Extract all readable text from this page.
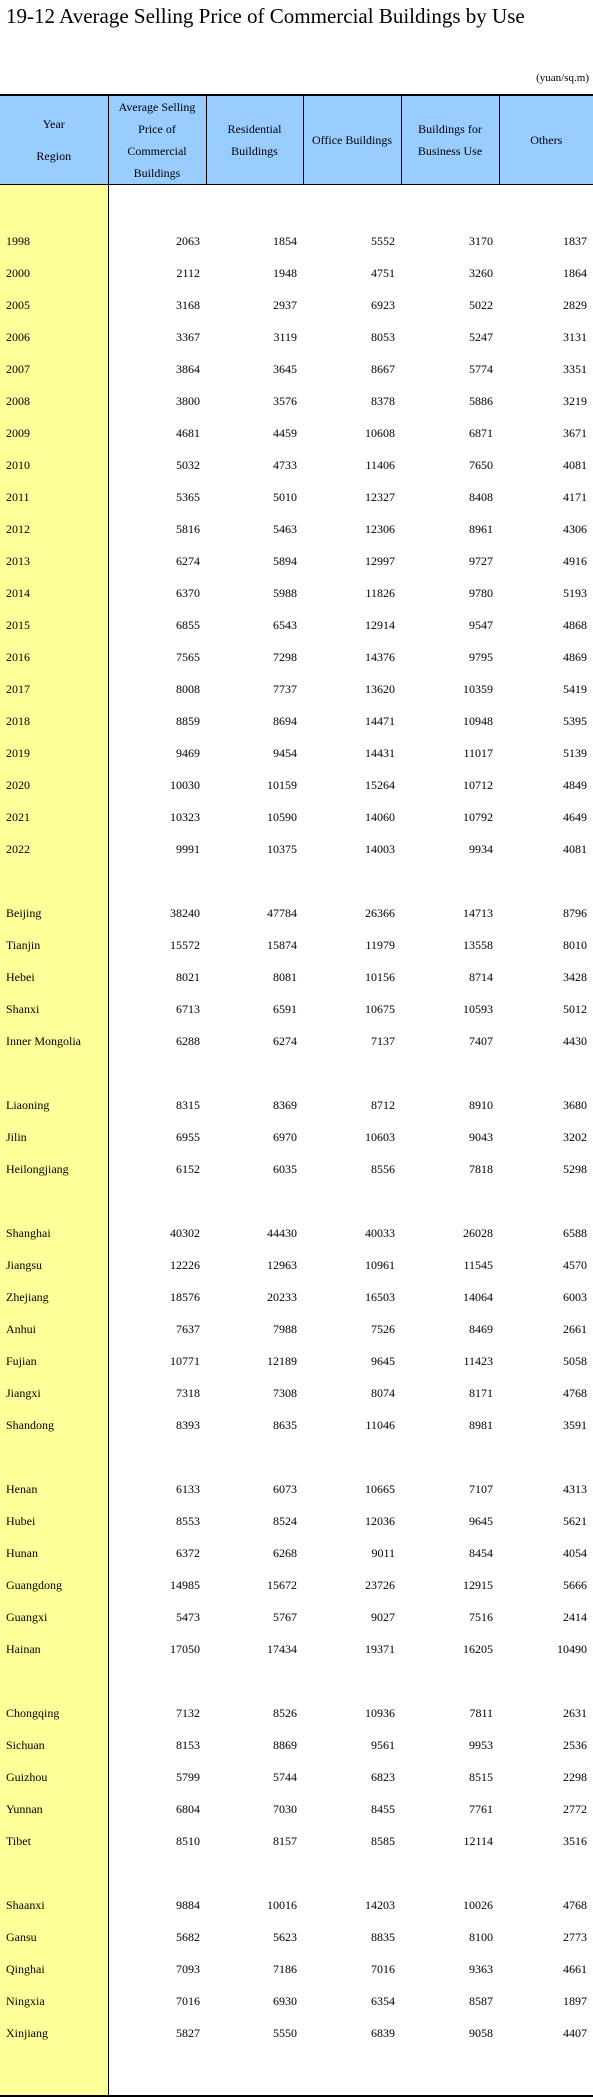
19-12 Average Selling Price of Commercial Buildings by Use
(yuan/sq.m)
Year
Region	Average Selling Price of Commercial Buildings	Residential Buildings	Office Buildings	Buildings for Business Use	Others

1998	2063	1854	5552	3170	1837
2000	2112	1948	4751	3260	1864
2005	3168	2937	6923	5022	2829
2006	3367	3119	8053	5247	3131
2007	3864	3645	8667	5774	3351
2008	3800	3576	8378	5886	3219
2009	4681	4459	10608	6871	3671
2010	5032	4733	11406	7650	4081
2011	5365	5010	12327	8408	4171
2012	5816	5463	12306	8961	4306
2013	6274	5894	12997	9727	4916
2014	6370	5988	11826	9780	5193
2015	6855	6543	12914	9547	4868
2016	7565	7298	14376	9795	4869
2017	8008	7737	13620	10359	5419
2018	8859	8694	14471	10948	5395
2019	9469	9454	14431	11017	5139
2020	10030	10159	15264	10712	4849
2021	10323	10590	14060	10792	4649
2022	9991	10375	14003	9934	4081

Beijing	38240	47784	26366	14713	8796
Tianjin	15572	15874	11979	13558	8010
Hebei	8021	8081	10156	8714	3428
Shanxi	6713	6591	10675	10593	5012
Inner Mongolia	6288	6274	7137	7407	4430

Liaoning	8315	8369	8712	8910	3680
Jilin	6955	6970	10603	9043	3202
Heilongjiang	6152	6035	8556	7818	5298

Shanghai	40302	44430	40033	26028	6588
Jiangsu	12226	12963	10961	11545	4570
Zhejiang	18576	20233	16503	14064	6003
Anhui	7637	7988	7526	8469	2661
Fujian	10771	12189	9645	11423	5058
Jiangxi	7318	7308	8074	8171	4768
Shandong	8393	8635	11046	8981	3591

Henan	6133	6073	10665	7107	4313
Hubei	8553	8524	12036	9645	5621
Hunan	6372	6268	9011	8454	4054
Guangdong	14985	15672	23726	12915	5666
Guangxi	5473	5767	9027	7516	2414
Hainan	17050	17434	19371	16205	10490

Chongqing	7132	8526	10936	7811	2631
Sichuan	8153	8869	9561	9953	2536
Guizhou	5799	5744	6823	8515	2298
Yunnan	6804	7030	8455	7761	2772
Tibet	8510	8157	8585	12114	3516

Shaanxi	9884	10016	14203	10026	4768
Gansu	5682	5623	8835	8100	2773
Qinghai	7093	7186	7016	9363	4661
Ningxia	7016	6930	6354	8587	1897
Xinjiang	5827	5550	6839	9058	4407
